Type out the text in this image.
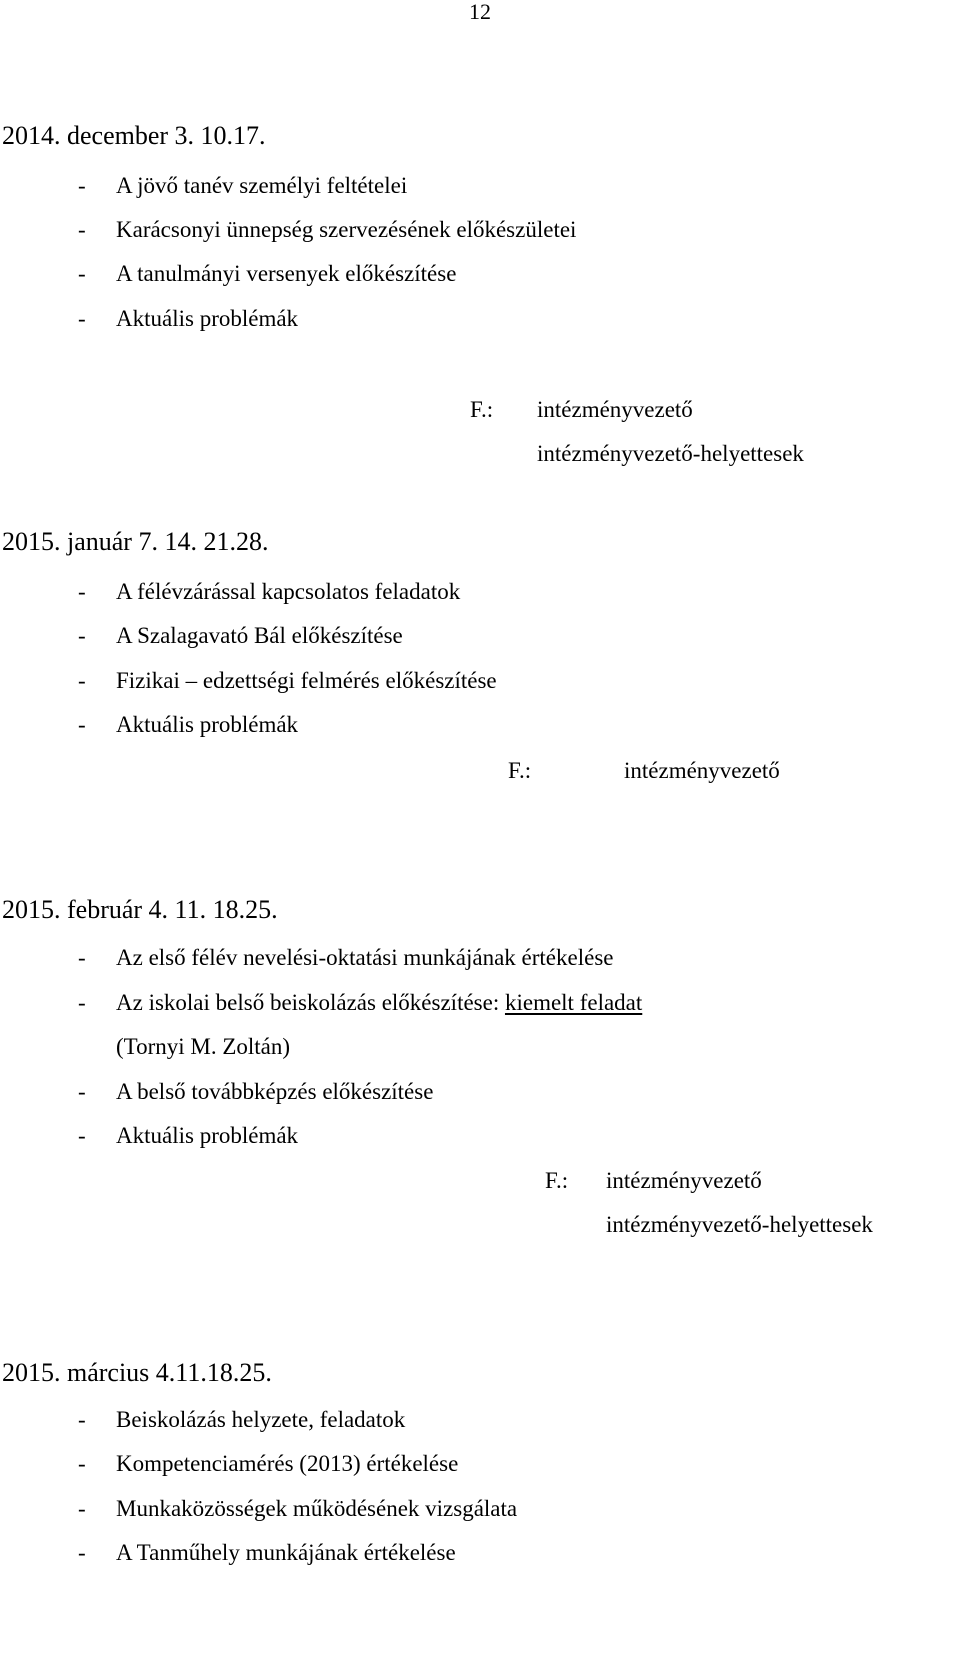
12
2014. december 3. 10.17.
- A jövő tanév személyi feltételei
- Karácsonyi ünnepség szervezésének előkészületei
- A tanulmányi versenyek előkészítése
- Aktuális problémák
F.: intézményvezető
intézményvezető-helyettesek
2015. január 7. 14. 21.28.
- A félévzárással kapcsolatos feladatok
- A Szalagavató Bál előkészítése
- Fizikai – edzettségi felmérés előkészítése
- Aktuális problémák
F.:	intézményvezető
2015. február 4. 11. 18.25.
- Az első félév nevelési-oktatási munkájának értékelése
- Az iskolai belső beiskolázás előkészítése: kiemelt feladat
(Tornyi M. Zoltán)
- A belső továbbképzés előkészítése
- Aktuális problémák
F.: intézményvezető
intézményvezető-helyettesek
2015. március 4.11.18.25.
- Beiskolázás helyzete, feladatok
- Kompetenciamérés (2013) értékelése
- Munkaközösségek működésének vizsgálata
- A Tanműhely munkájának értékelése
